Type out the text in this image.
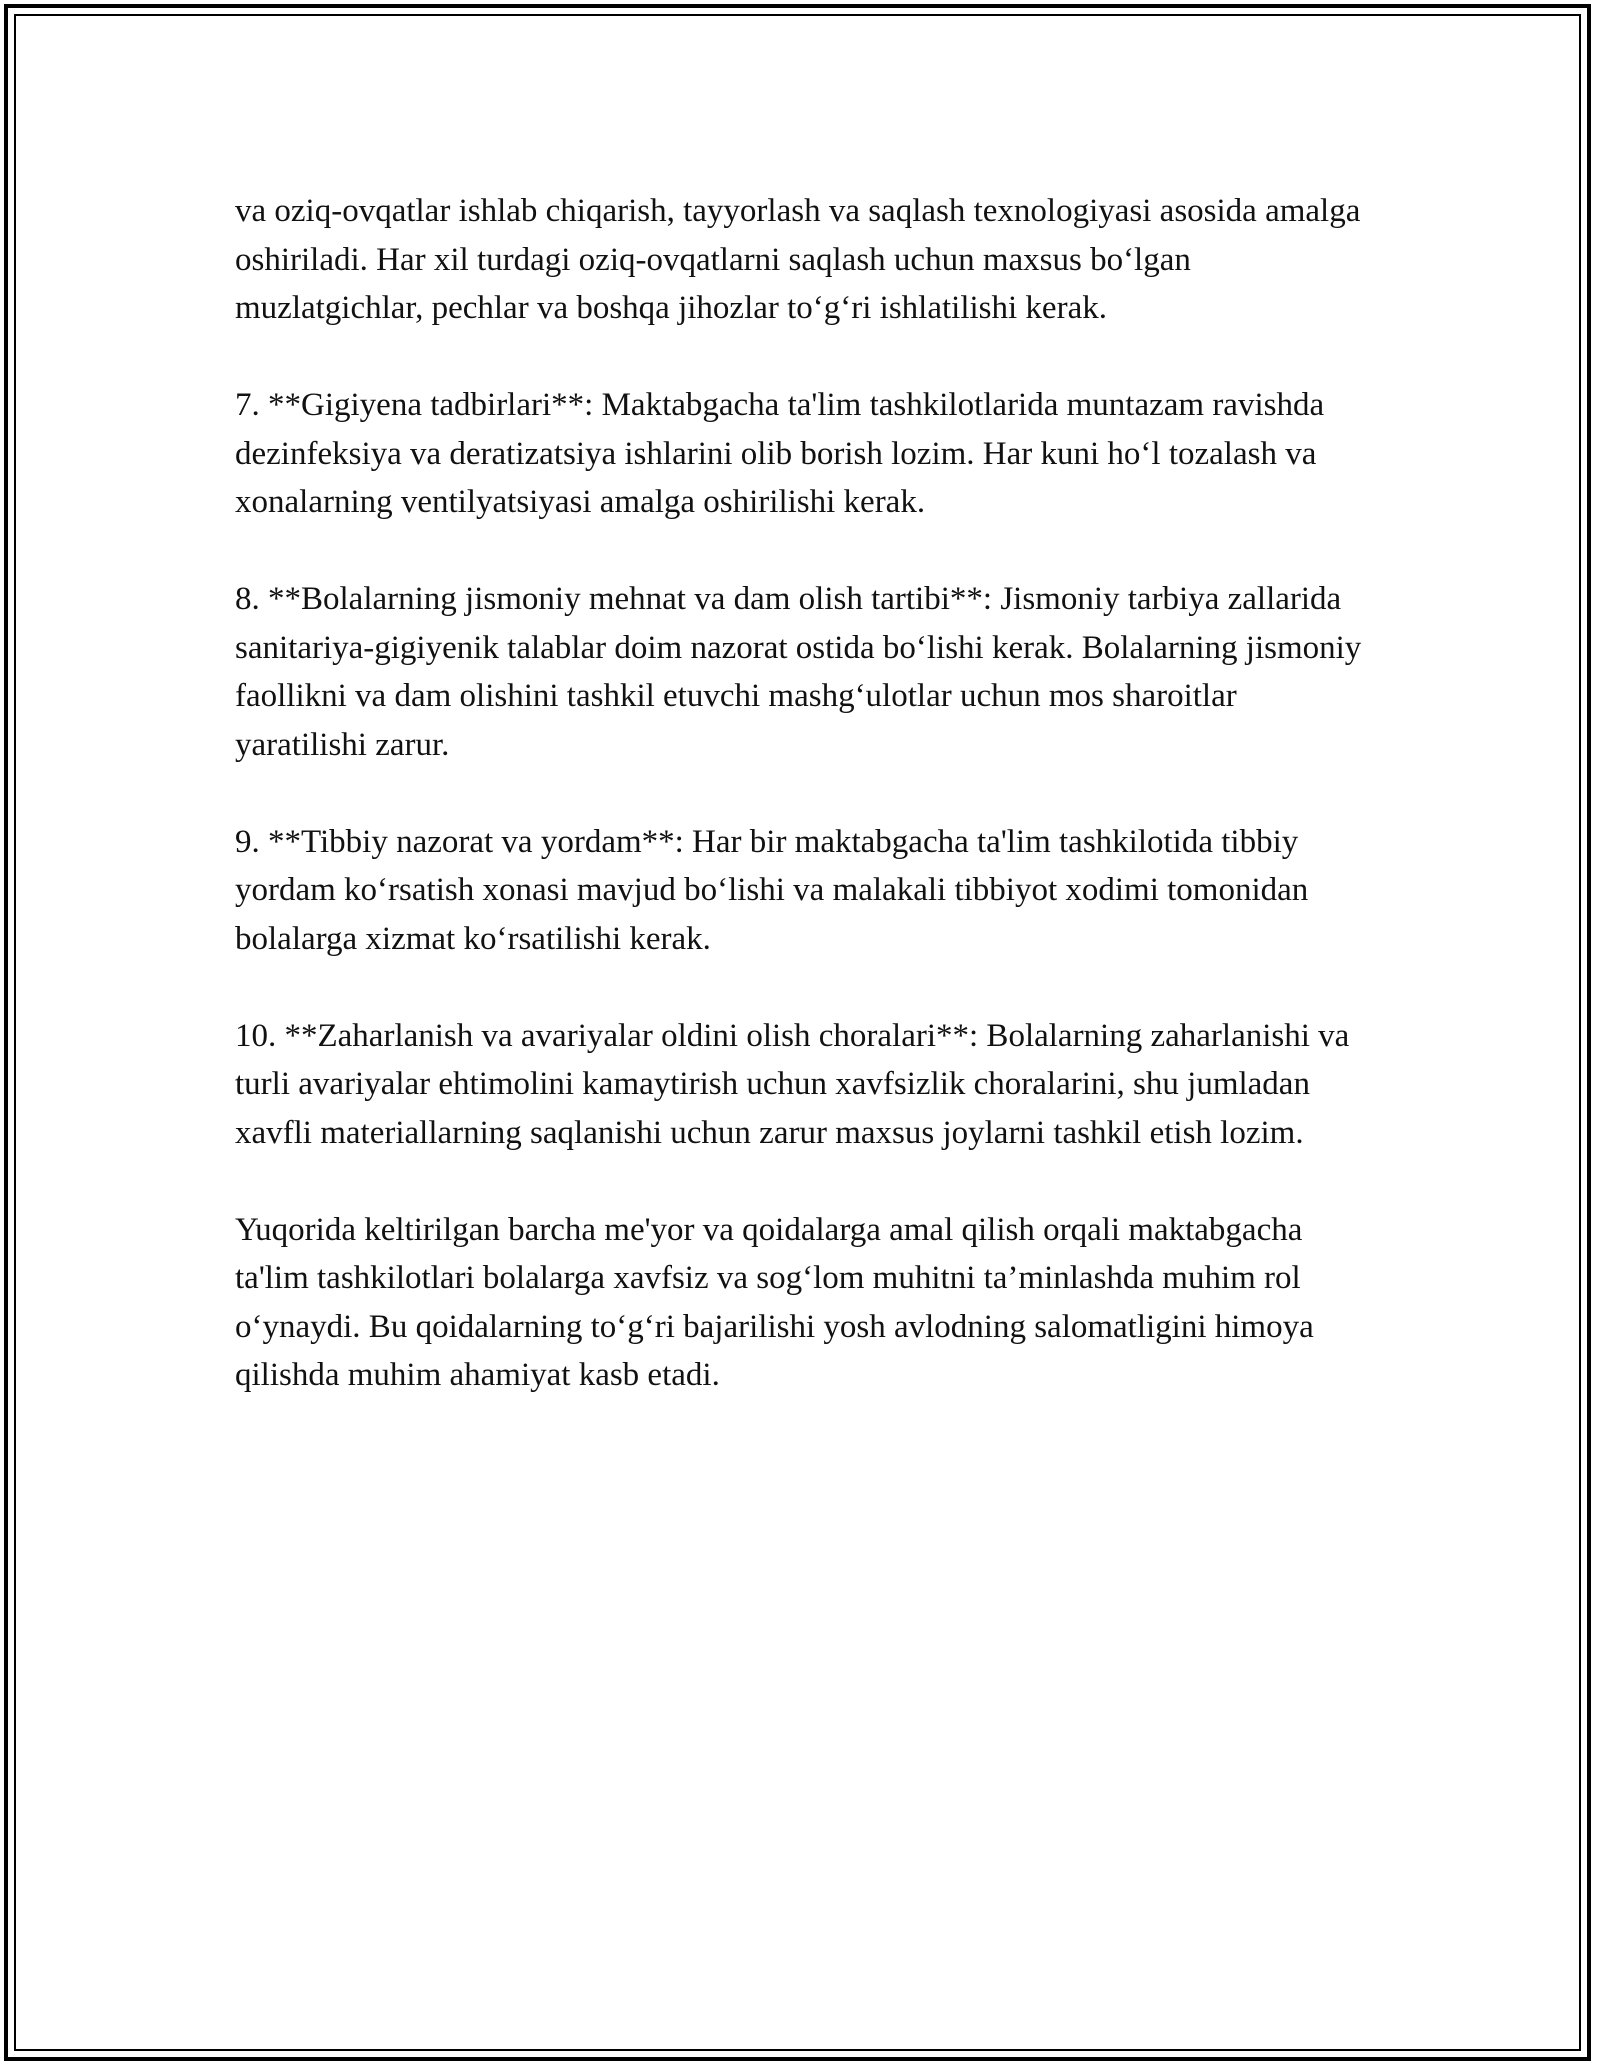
va oziq-ovqatlar ishlab chiqarish, tayyorlash va saqlash texnologiyasi asosida amalga oshiriladi. Har xil turdagi oziq-ovqatlarni saqlash uchun maxsus bo‘lgan muzlatgichlar, pechlar va boshqa jihozlar to‘g‘ri ishlatilishi kerak.

7. **Gigiyena tadbirlari**: Maktabgacha ta'lim tashkilotlarida muntazam ravishda dezinfeksiya va deratizatsiya ishlarini olib borish lozim. Har kuni ho‘l tozalash va xonalarning ventilyatsiyasi amalga oshirilishi kerak.

8. **Bolalarning jismoniy mehnat va dam olish tartibi**: Jismoniy tarbiya zallarida sanitariya-gigiyenik talablar doim nazorat ostida bo‘lishi kerak. Bolalarning jismoniy faollikni va dam olishini tashkil etuvchi mashg‘ulotlar uchun mos sharoitlar yaratilishi zarur.

9. **Tibbiy nazorat va yordam**: Har bir maktabgacha ta'lim tashkilotida tibbiy yordam ko‘rsatish xonasi mavjud bo‘lishi va malakali tibbiyot xodimi tomonidan bolalarga xizmat ko‘rsatilishi kerak.

10. **Zaharlanish va avariyalar oldini olish choralari**: Bolalarning zaharlanishi va turli avariyalar ehtimolini kamaytirish uchun xavfsizlik choralarini, shu jumladan xavfli materiallarning saqlanishi uchun zarur maxsus joylarni tashkil etish lozim.

Yuqorida keltirilgan barcha me'yor va qoidalarga amal qilish orqali maktabgacha ta'lim tashkilotlari bolalarga xavfsiz va sog‘lom muhitni ta’minlashda muhim rol o‘ynaydi. Bu qoidalarning to‘g‘ri bajarilishi yosh avlodning salomatligini himoya qilishda muhim ahamiyat kasb etadi.
